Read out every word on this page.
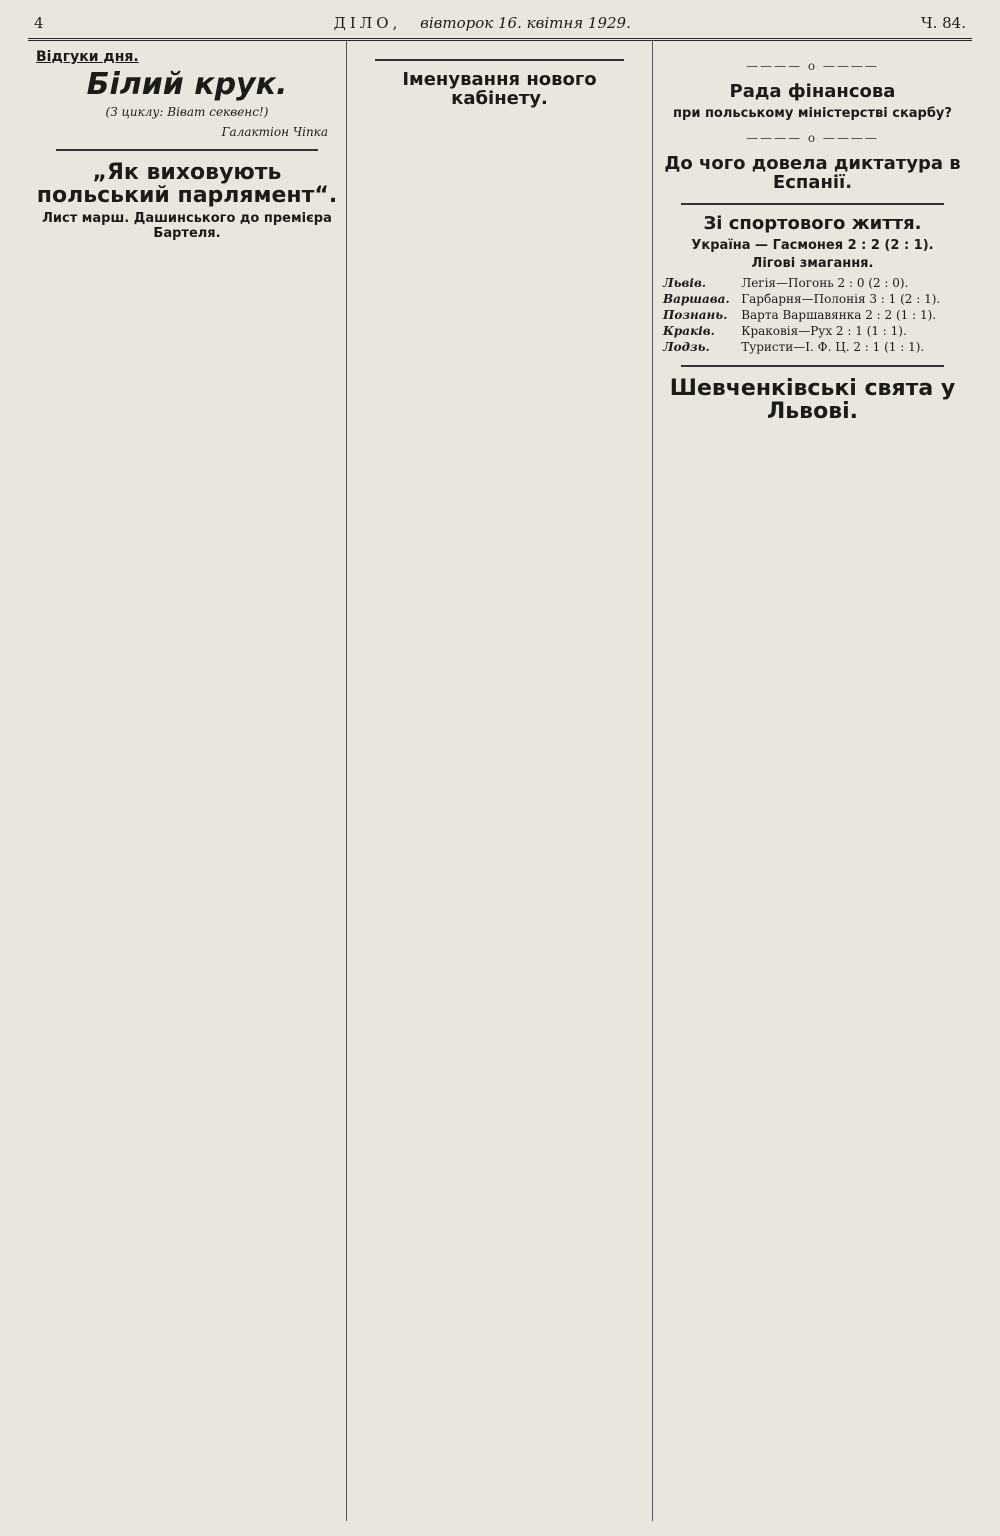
4	ДІЛО, вівторок 16. квітня 1929.	Ч. 84.
Відгуки дня.
Білий крук.
(З циклу: Віват секвенс!)
Галактіон Чіпка
„Як виховують польський парлямент“.
Лист марш. Дашинського до премієра Бартеля.
Іменування нового кабінету.
———— o ————
Рада фінансова
при польському міністерстві скарбу?
———— o ————
До чого довела диктатура в Еспанії.
Зі спортового життя.
Україна — Гасмонея 2 : 2 (2 : 1).
Лігові змагання.
Львів.	Легія—Погонь 2 : 0 (2 : 0).
Варшава.	Гарбарня—Полонія 3 : 1 (2 : 1).
Познань.	Варта Варшавянка 2 : 2 (1 : 1).
Краків.	Краковія—Рух 2 : 1 (1 : 1).
Лодзь.	Туристи—І. Ф. Ц. 2 : 1 (1 : 1).
Шевченківські свята у Львові.
